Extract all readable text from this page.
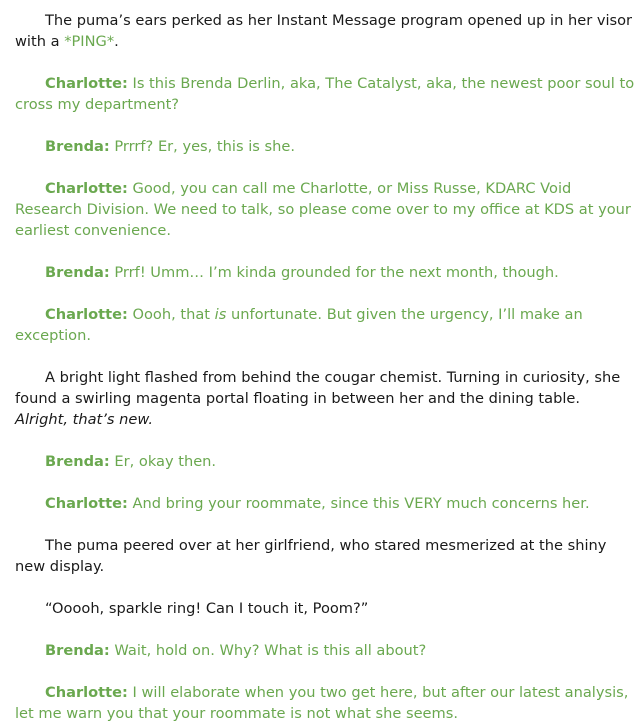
The puma’s ears perked as her Instant Message program opened up in her visor with a *PING*.

Charlotte: Is this Brenda Derlin, aka, The Catalyst, aka, the newest poor soul to cross my department?

Brenda: Prrrf? Er, yes, this is she.

Charlotte: Good, you can call me Charlotte, or Miss Russe, KDARC Void Research Division. We need to talk, so please come over to my office at KDS at your earliest convenience.

Brenda: Prrf! Umm… I’m kinda grounded for the next month, though.

Charlotte: Oooh, that is unfortunate. But given the urgency, I’ll make an exception.

A bright light flashed from behind the cougar chemist. Turning in curiosity, she found a swirling magenta portal floating in between her and the dining table. Alright, that’s new.

Brenda: Er, okay then.

Charlotte: And bring your roommate, since this VERY much concerns her.

The puma peered over at her girlfriend, who stared mesmerized at the shiny new display.

“Ooooh, sparkle ring! Can I touch it, Poom?”

Brenda: Wait, hold on. Why? What is this all about?

Charlotte: I will elaborate when you two get here, but after our latest analysis, let me warn you that your roommate is not what she seems.
